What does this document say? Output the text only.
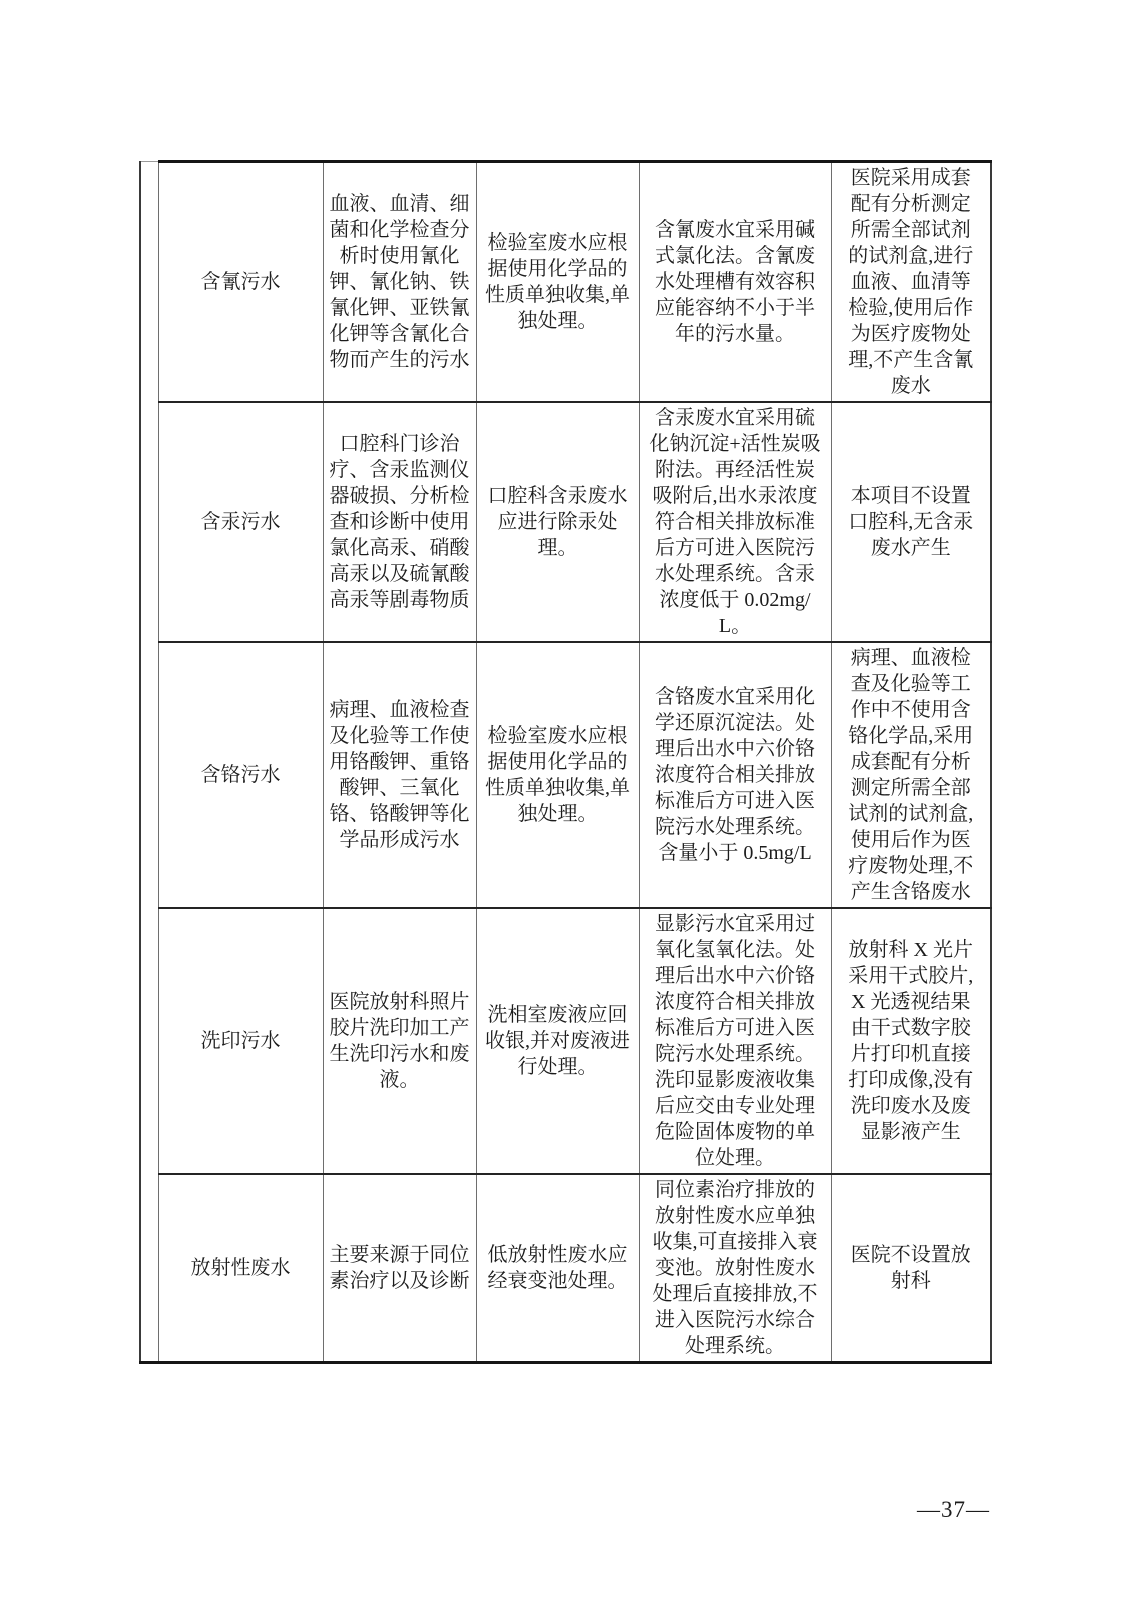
	含氰污水	血液、血清、细菌和化学检查分析时使用氰化钾、氰化钠、铁氰化钾、亚铁氰化钾等含氰化合物而产生的污水	检验室废水应根据使用化学品的性质单独收集,单独处理。	含氰废水宜采用碱式氯化法。含氰废水处理槽有效容积应能容纳不小于半年的污水量。	医院采用成套配有分析测定所需全部试剂的试剂盒,进行血液、血清等检验,使用后作为医疗废物处理,不产生含氰废水
	含汞污水	口腔科门诊治疗、含汞监测仪器破损、分析检查和诊断中使用氯化高汞、硝酸高汞以及硫氰酸高汞等剧毒物质	口腔科含汞废水应进行除汞处理。	含汞废水宜采用硫化钠沉淀+活性炭吸附法。再经活性炭吸附后,出水汞浓度符合相关排放标准后方可进入医院污水处理系统。含汞浓度低于 0.02mg/L。	本项目不设置口腔科,无含汞废水产生
	含铬污水	病理、血液检查及化验等工作使用铬酸钾、重铬酸钾、三氧化铬、铬酸钾等化学品形成污水	检验室废水应根据使用化学品的性质单独收集,单独处理。	含铬废水宜采用化学还原沉淀法。处理后出水中六价铬浓度符合相关排放标准后方可进入医院污水处理系统。含量小于 0.5mg/L	病理、血液检查及化验等工作中不使用含铬化学品,采用成套配有分析测定所需全部试剂的试剂盒,使用后作为医疗废物处理,不产生含铬废水
	洗印污水	医院放射科照片胶片洗印加工产生洗印污水和废液。	洗相室废液应回收银,并对废液进行处理。	显影污水宜采用过氧化氢氧化法。处理后出水中六价铬浓度符合相关排放标准后方可进入医院污水处理系统。洗印显影废液收集后应交由专业处理危险固体废物的单位处理。	放射科 X 光片采用干式胶片,X 光透视结果由干式数字胶片打印机直接打印成像,没有洗印废水及废显影液产生
	放射性废水	主要来源于同位素治疗以及诊断	低放射性废水应经衰变池处理。	同位素治疗排放的放射性废水应单独收集,可直接排入衰变池。放射性废水处理后直接排放,不进入医院污水综合处理系统。	医院不设置放射科
—37—
